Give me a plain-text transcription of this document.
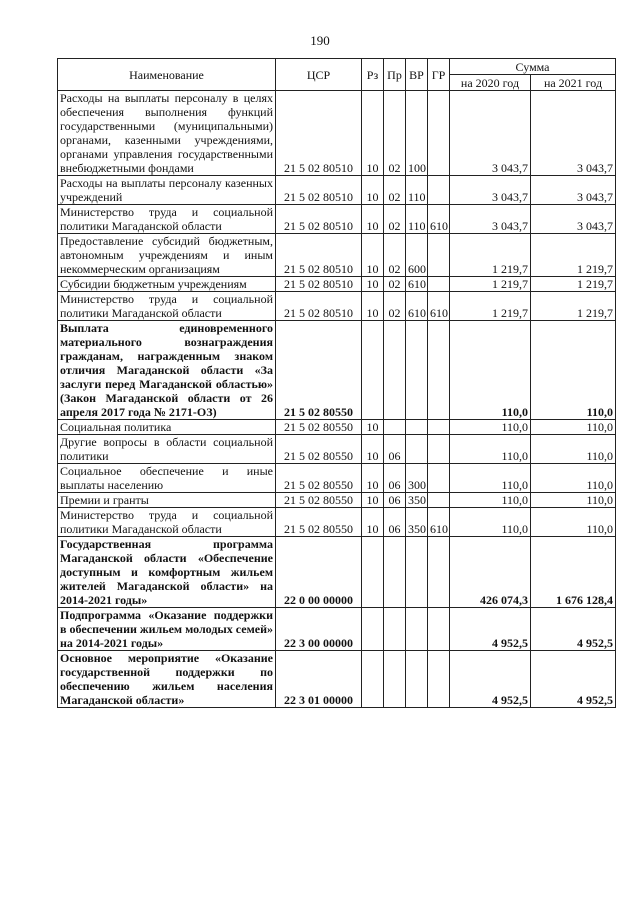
190
Наименование	ЦСР	Рз	Пр	ВР	ГР	Сумма	
						на 2020 год	на 2021 год
Расходы на выплаты персоналу в целях обеспечения выполнения функций государственными (муниципальными) органами, казенными учреждениями, органами управления государственными внебюджетными фондами	21 5 02 80510	10	02	100		3 043,7	3 043,7
Расходы на выплаты персоналу казенных учреждений	21 5 02 80510	10	02	110		3 043,7	3 043,7
Министерство труда и социальной политики Магаданской области	21 5 02 80510	10	02	110	610	3 043,7	3 043,7
Предоставление субсидий бюджетным, автономным учреждениям и иным некоммерческим организациям	21 5 02 80510	10	02	600		1 219,7	1 219,7
Субсидии бюджетным учреждениям	21 5 02 80510	10	02	610		1 219,7	1 219,7
Министерство труда и социальной политики Магаданской области	21 5 02 80510	10	02	610	610	1 219,7	1 219,7
Выплата единовременного материального вознаграждения гражданам, награжденным знаком отличия Магаданской области «За заслуги перед Магаданской областью» (Закон Магаданской области от 26 апреля 2017 года № 2171-ОЗ)	21 5 02 80550					110,0	110,0
Социальная политика	21 5 02 80550	10				110,0	110,0
Другие вопросы в области социальной политики	21 5 02 80550	10	06			110,0	110,0
Социальное обеспечение и иные выплаты населению	21 5 02 80550	10	06	300		110,0	110,0
Премии и гранты	21 5 02 80550	10	06	350		110,0	110,0
Министерство труда и социальной политики Магаданской области	21 5 02 80550	10	06	350	610	110,0	110,0
Государственная программа Магаданской области «Обеспечение доступным и комфортным жильем жителей Магаданской области» на 2014-2021 годы»	22 0 00 00000					426 074,3	1 676 128,4
Подпрограмма «Оказание поддержки в обеспечении жильем молодых семей» на 2014-2021 годы»	22 3 00 00000					4 952,5	4 952,5
Основное мероприятие «Оказание государственной поддержки по обеспечению жильем населения Магаданской области»	22 3 01 00000					4 952,5	4 952,5
